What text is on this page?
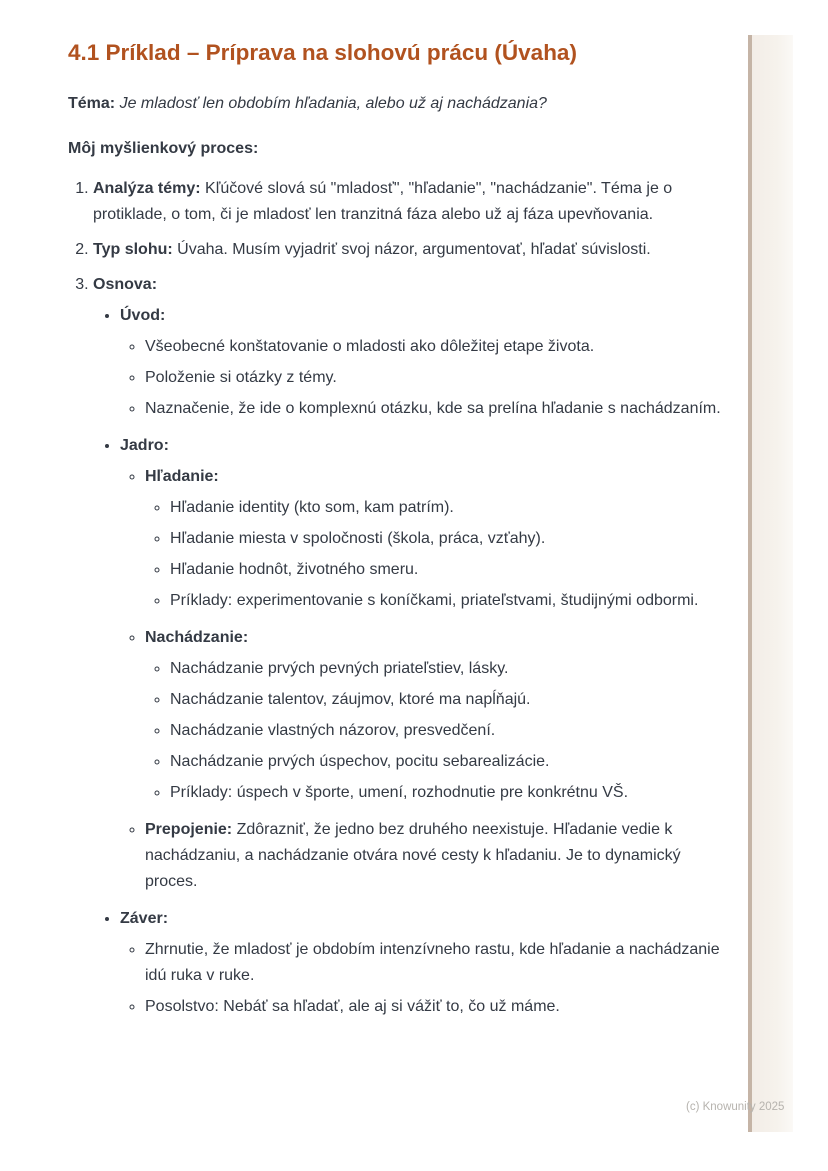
(c) Knowunity 2025
4.1 Príklad – Príprava na slohovú prácu (Úvaha)

Téma: Je mladosť len obdobím hľadania, alebo už aj nachádzania?

Môj myšlienkový proces:

1. Analýza témy: Kľúčové slová sú "mladosť", "hľadanie", "nachádzanie". Téma je o protiklade, o tom, či je mladosť len tranzitná fáza alebo už aj fáza upevňovania.
2. Typ slohu: Úvaha. Musím vyjadriť svoj názor, argumentovať, hľadať súvislosti.
3. Osnova:
• Úvod:
◦ Všeobecné konštatovanie o mladosti ako dôležitej etape života.
◦ Položenie si otázky z témy.
◦ Naznačenie, že ide o komplexnú otázku, kde sa prelína hľadanie s nachádzaním.
• Jadro:
◦ Hľadanie:
◦ Hľadanie identity (kto som, kam patrím).
◦ Hľadanie miesta v spoločnosti (škola, práca, vzťahy).
◦ Hľadanie hodnôt, životného smeru.
◦ Príklady: experimentovanie s koníčkami, priateľstvami, študijnými odbormi.
◦ Nachádzanie:
◦ Nachádzanie prvých pevných priateľstiev, lásky.
◦ Nachádzanie talentov, záujmov, ktoré ma napĺňajú.
◦ Nachádzanie vlastných názorov, presvedčení.
◦ Nachádzanie prvých úspechov, pocitu sebarealizácie.
◦ Príklady: úspech v športe, umení, rozhodnutie pre konkrétnu VŠ.
◦ Prepojenie: Zdôrazniť, že jedno bez druhého neexistuje. Hľadanie vedie k nachádzaniu, a nachádzanie otvára nové cesty k hľadaniu. Je to dynamický proces.
• Záver:
◦ Zhrnutie, že mladosť je obdobím intenzívneho rastu, kde hľadanie a nachádzanie idú ruka v ruke.
◦ Posolstvo: Nebáť sa hľadať, ale aj si vážiť to, čo už máme.
